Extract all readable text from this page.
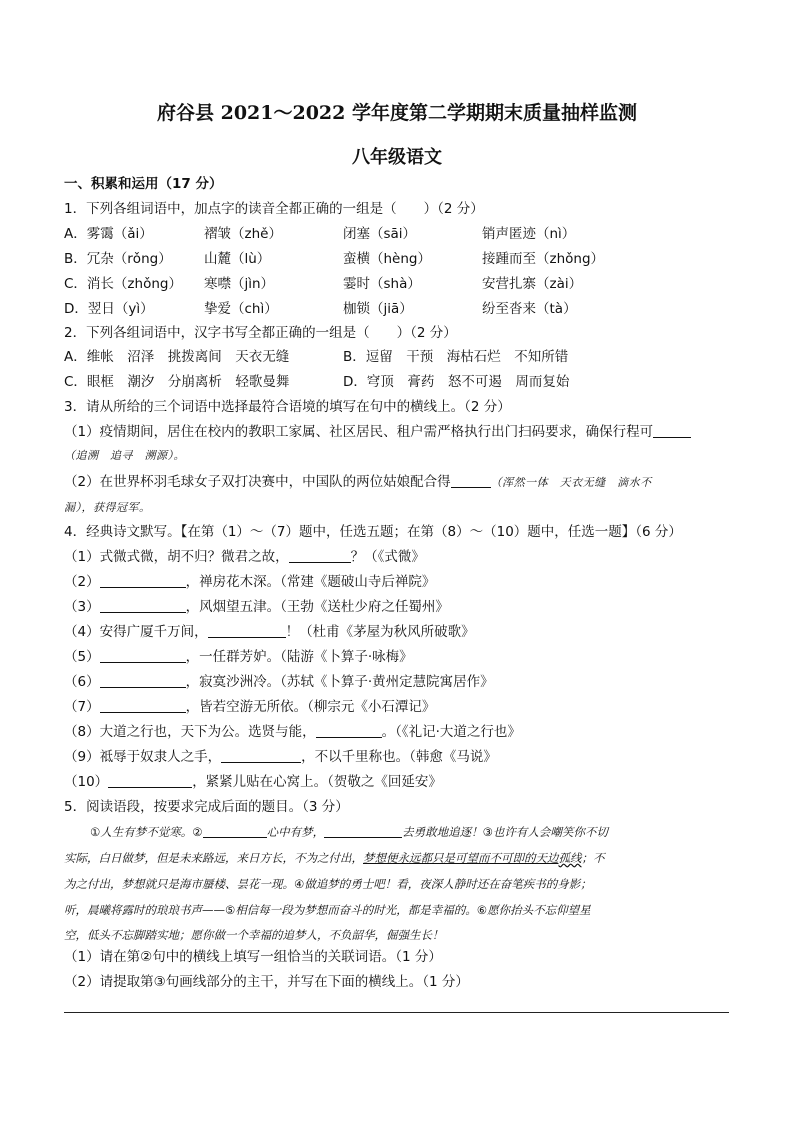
府谷县 2021～2022 学年度第二学期期末质量抽样监测
八年级语文
一、积累和运用（17 分）
1．下列各组词语中，加点字的读音全都正确的一组是（　　）（2 分）
A．雾霭（ǎi）	褶皱（zhě）	闭塞（sāi）	销声匿迹（nì）
B．冗杂（rǒng） 山麓（lù）	蛮横（hèng）	接踵而至（zhǒng）
C．消长（zhǒng） 寒噤（jìn）	霎时（shà）	安营扎寨（zài）
D．翌日（yì）	挚爱（chì）	枷锁（jiā）	纷至沓来（tà）
2．下列各组词语中，汉字书写全都正确的一组是（　　）（2 分）
A．维帐　沼泽　挑拨离间　天衣无缝	B．逗留　干预　海枯石烂　不知所错
C．眼框　潮汐　分崩离析　轻歌曼舞	D．穹顶　膏药　怒不可遏　周而复始
3．请从所给的三个词语中选择最符合语境的填写在句中的横线上。（2 分）
（1）疫情期间，居住在校内的教职工家属、社区居民、租户需严格执行出门扫码要求，确保行程可
（追溯　追寻　溯源）。
（2）在世界杯羽毛球女子双打决赛中，中国队的两位姑娘配合得	（浑然一体　天衣无缝　滴水不
漏），获得冠军。
4．经典诗文默写。【在第（1）～（7）题中，任选五题；在第（8）～（10）题中，任选一题】（6 分）
（1）式微式微，胡不归？微君之故，	？（《式微》
（2）	，禅房花木深。（常建《题破山寺后禅院》
（3）	，风烟望五津。（王勃《送杜少府之任蜀州》
（4）安得广厦千万间，	！（杜甫《茅屋为秋风所破歌》
（5）	，一任群芳妒。（陆游《卜算子·咏梅》
（6）	，寂寞沙洲冷。（苏轼《卜算子·黄州定慧院寓居作》
（7）	，皆若空游无所依。（柳宗元《小石潭记》
（8）大道之行也，天下为公。选贤与能，	。（《礼记·大道之行也》
（9）祗辱于奴隶人之手，	，不以千里称也。（韩愈《马说》
（10）	，紧紧儿贴在心窝上。（贺敬之《回延安》
5．阅读语段，按要求完成后面的题目。（3 分）
①人生有梦不觉寒。②	心中有梦，	去勇敢地追逐！③也许有人会嘲笑你不切
实际，白日做梦，但是未来路远，来日方长，不为之付出，梦想便永远都只是可望而不可即的天边孤线；不
为之付出，梦想就只是海市蜃楼、昙花一现。④做追梦的勇士吧！看，夜深人静时还在奋笔疾书的身影；
听，晨曦将露时的琅琅书声——⑤相信每一段为梦想而奋斗的时光，都是幸福的。⑥愿你抬头不忘仰望星
空，低头不忘脚踏实地；愿你做一个幸福的追梦人，不负韶华，倔强生长！
（1）请在第②句中的横线上填写一组恰当的关联词语。（1 分）
（2）请提取第③句画线部分的主干，并写在下面的横线上。（1 分）
